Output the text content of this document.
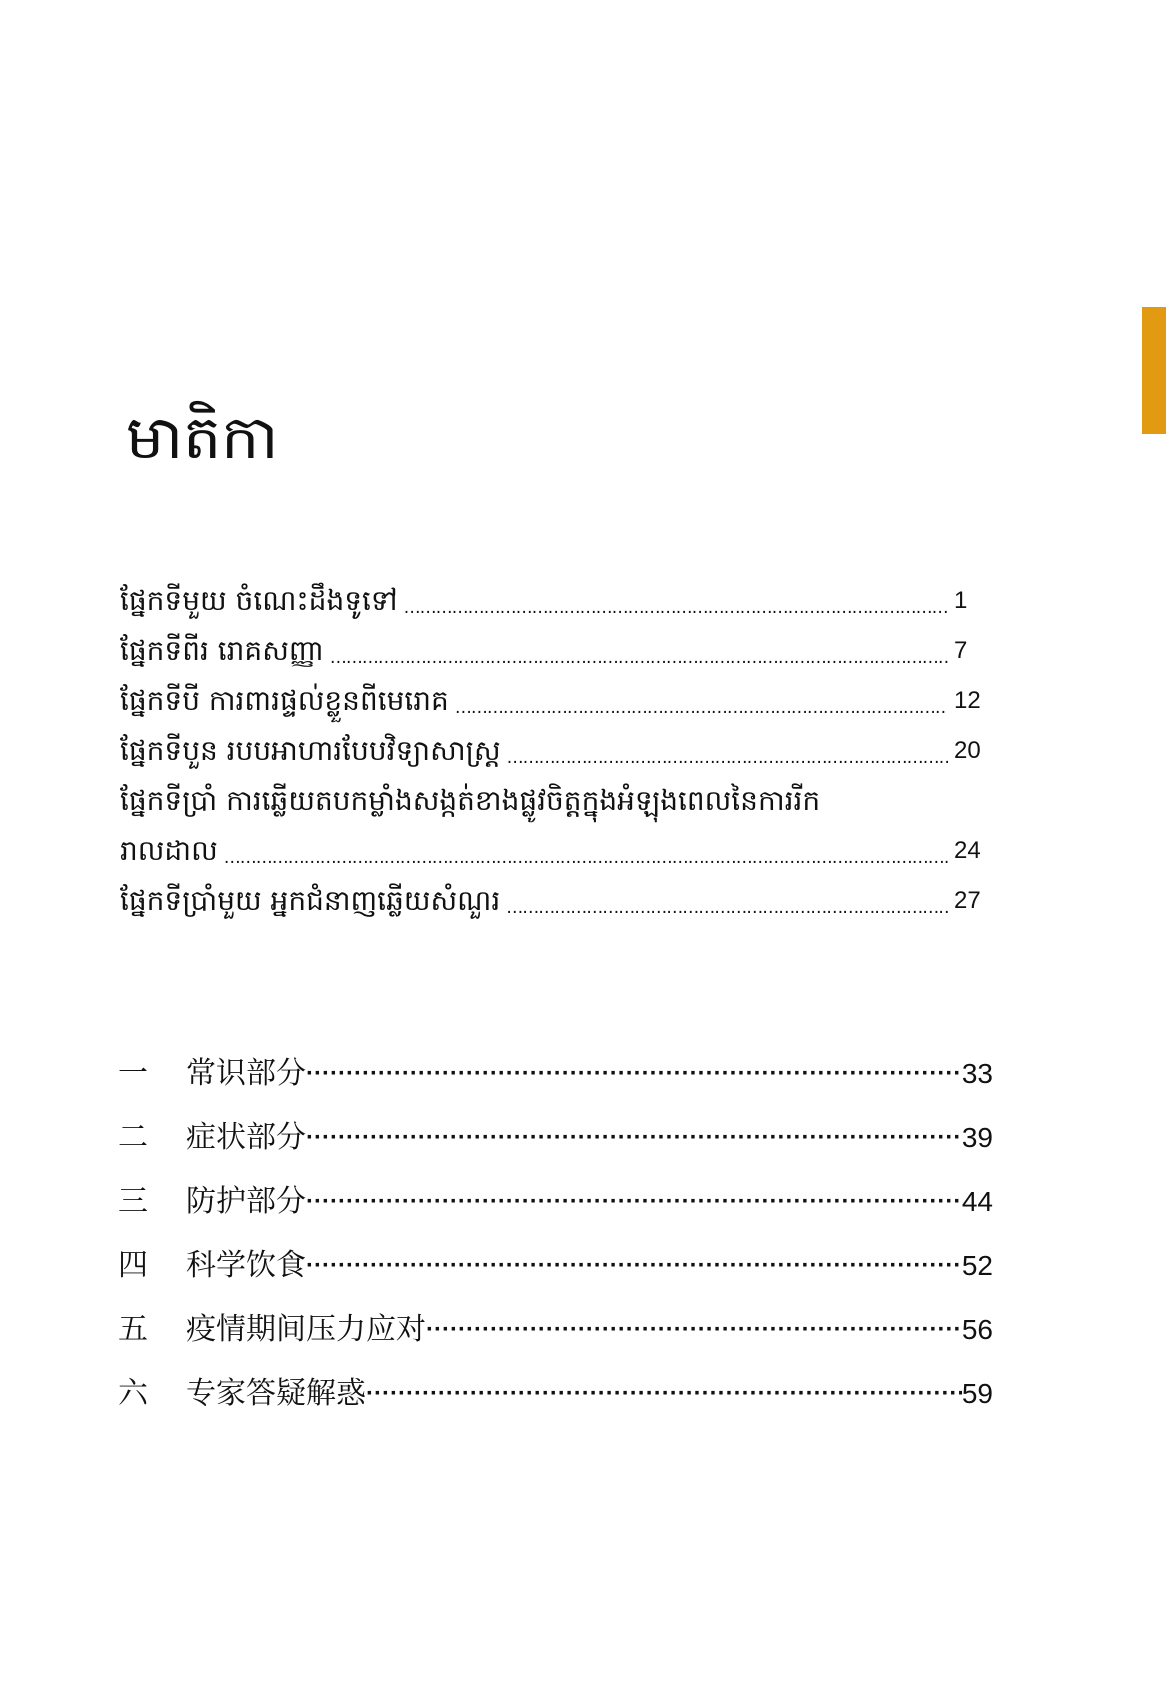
មាតិកា
ផ្នែកទីមួយ ចំណេះដឹងទូទៅ …………………………………………………………………………………………………………………………………………………………………………………………………	1
ផ្នែកទីពីរ រោគសញ្ញា …………………………………………………………………………………………………………………………………………………………………………………………………	7
ផ្នែកទីបី ការពារផ្ទល់ខ្លួនពីមេរោគ …………………………………………………………………………………………………………………………………………………………………………………………………	12
ផ្នែកទីបួន របបអាហារបែបវិទ្យាសាស្ត្រ …………………………………………………………………………………………………………………………………………………………………………………………………	20
ផ្នែកទីប្រាំ ការឆ្លើយតបកម្លាំងសង្កត់ខាងផ្លូវចិត្តក្នុងអំឡុងពេលនៃការរីក
រាលដាល …………………………………………………………………………………………………………………………………………………………………………………………………	24
ផ្នែកទីប្រាំមួយ អ្នកជំនាញឆ្លើយសំណួរ …………………………………………………………………………………………………………………………………………………………………………………………………	27
一	常识部分 ·····	33
二	症状部分 ·····	39
三	防护部分 ·····	44
四	科学饮食 ·····	52
五	疫情期间压力应对 ·····	56
六	专家答疑解惑 ·····	59
